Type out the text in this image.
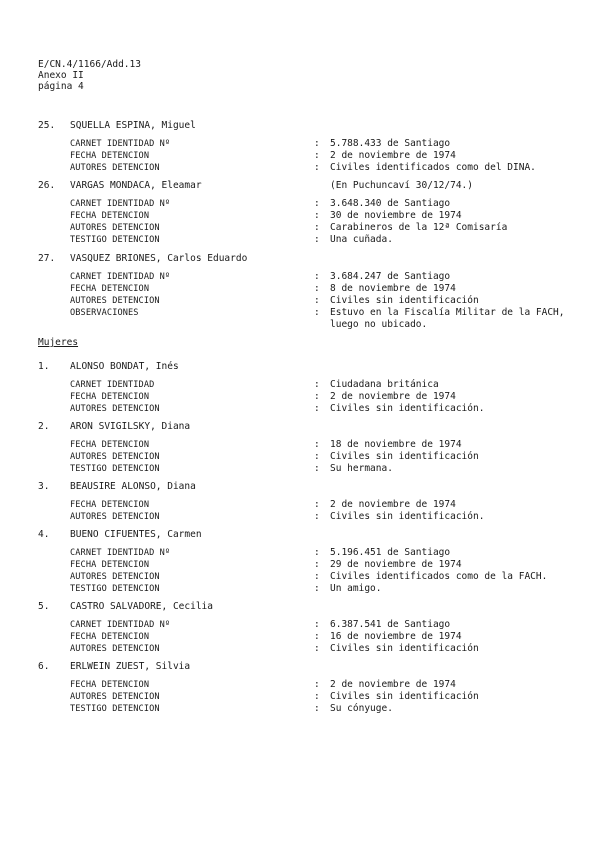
E/CN.4/1166/Add.13
Anexo II
página 4
25. SQUELLA ESPINA, Miguel
CARNET IDENTIDAD Nº	: 5.788.433 de Santiago
FECHA DETENCION	: 2 de noviembre de 1974
AUTORES DETENCION	: Civiles identificados como del DINA.
26. VARGAS MONDACA, Eleamar	(En Puchuncaví 30/12/74.)
CARNET IDENTIDAD Nº	: 3.648.340 de Santiago
FECHA DETENCION	: 30 de noviembre de 1974
AUTORES DETENCION	: Carabineros de la 12ª Comisaría
TESTIGO DETENCION	: Una cuñada.
27. VASQUEZ BRIONES, Carlos Eduardo
CARNET IDENTIDAD Nº	: 3.684.247 de Santiago
FECHA DETENCION	: 8 de noviembre de 1974
AUTORES DETENCION	: Civiles sin identificación
OBSERVACIONES	: Estuvo en la Fiscalía Militar de la FACH,
luego no ubicado.
Mujeres
1. ALONSO BONDAT, Inés
CARNET IDENTIDAD	: Ciudadana británica
FECHA DETENCION	: 2 de noviembre de 1974
AUTORES DETENCION	: Civiles sin identificación.
2. ARON SVIGILSKY, Diana
FECHA DETENCION	: 18 de noviembre de 1974
AUTORES DETENCION	: Civiles sin identificación
TESTIGO DETENCION	: Su hermana.
3. BEAUSIRE ALONSO, Diana
FECHA DETENCION	: 2 de noviembre de 1974
AUTORES DETENCION	: Civiles sin identificación.
4. BUENO CIFUENTES, Carmen
CARNET IDENTIDAD Nº	: 5.196.451 de Santiago
FECHA DETENCION	: 29 de noviembre de 1974
AUTORES DETENCION	: Civiles identificados como de la FACH.
TESTIGO DETENCION	: Un amigo.
5. CASTRO SALVADORE, Cecilia
CARNET IDENTIDAD Nº	: 6.387.541 de Santiago
FECHA DETENCION	: 16 de noviembre de 1974
AUTORES DETENCION	: Civiles sin identificación
6. ERLWEIN ZUEST, Silvia
FECHA DETENCION	: 2 de noviembre de 1974
AUTORES DETENCION	: Civiles sin identificación
TESTIGO DETENCION	: Su cónyuge.
